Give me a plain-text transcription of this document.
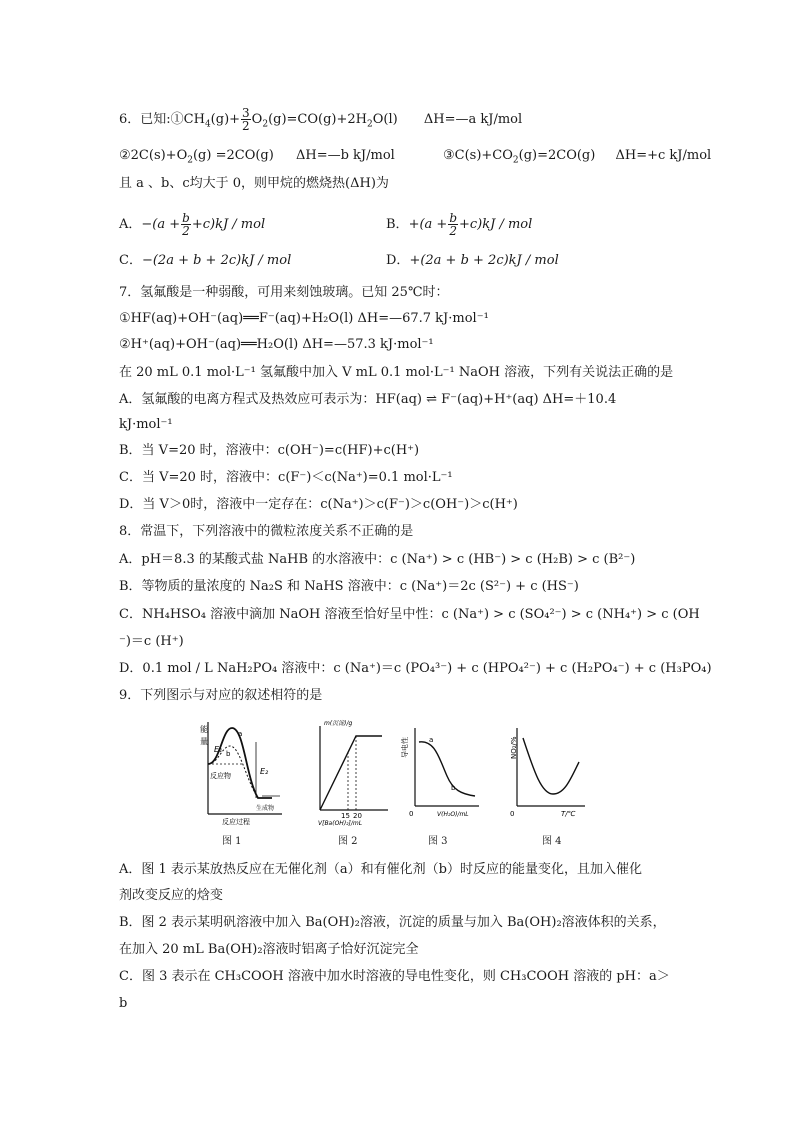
6．已知$:①CH_4(g)+ \frac{3}{2} O_2(g)=CO(g)+2H_2O(l)$ ΔH=—a kJ/mol
$②2C(s)+O_2(g) =2CO(g)$ ΔH=—b kJ/mol	$③C(s)+CO_2(g)=2CO(g)$ ΔH=+c kJ/mol
且 a 、b、c均大于 0，则甲烷的燃烧热(ΔH)为
A．$-(a + \frac{b}{2} +c)kJ$ / mol	B．$+(a + \frac{b}{2} +c)kJ$ / mol
C．−(2a + b + 2c)kJ / mol	D．+(2a + b + 2c)kJ / mol
7．氢氟酸是一种弱酸，可用来刻蚀玻璃。已知 25℃时：
①HF(aq)+OH⁻(aq)══F⁻(aq)+H₂O(l) ΔH=—67.7 kJ·mol⁻¹
②H⁺(aq)+OH⁻(aq)══H₂O(l) ΔH=—57.3 kJ·mol⁻¹
在 20 mL 0.1 mol·L⁻¹ 氢氟酸中加入 V mL 0.1 mol·L⁻¹ NaOH 溶液，下列有关说法正确的是
A．氢氟酸的电离方程式及热效应可表示为：HF(aq) ⇌ F⁻(aq)+H⁺(aq) ΔH=＋10.4
kJ·mol⁻¹
B．当 V=20 时，溶液中：c(OH⁻)=c(HF)+c(H⁺)
C．当 V=20 时，溶液中：c(F⁻)＜c(Na⁺)=0.1 mol·L⁻¹
D．当 V＞0时，溶液中一定存在：c(Na⁺)＞c(F⁻)＞c(OH⁻)＞c(H⁺)
8．常温下，下列溶液中的微粒浓度关系不正确的是
A．pH＝8.3 的某酸式盐 NaHB 的水溶液中：c (Na⁺) > c (HB⁻) > c (H₂B) > c (B²⁻)
B．等物质的量浓度的 Na₂S 和 NaHS 溶液中：c (Na⁺)＝2c (S²⁻) + c (HS⁻)
C．NH₄HSO₄ 溶液中滴加 NaOH 溶液至恰好呈中性：c (Na⁺) > c (SO₄²⁻) > c (NH₄⁺) > c (OH
⁻)＝c (H⁺)
D．0.1 mol / L NaH₂PO₄ 溶液中：c (Na⁺)＝c (PO₄³⁻) + c (HPO₄²⁻) + c (H₂PO₄⁻) + c (H₃PO₄)
9．下列图示与对应的叙述相符的是
能
量
E₁
E₂
a
b
反应物
生成物
反应过程
m(沉淀)/g
15 20
V[Ba(OH)₂]/mL
导电性	a
b
0	V(H₂O)/mL
NO₂/%
0	T/℃
图 1	图 2	图 3	图 4
A．图 1 表示某放热反应在无催化剂（a）和有催化剂（b）时反应的能量变化，且加入催化
剂改变反应的焓变
B．图 2 表示某明矾溶液中加入 Ba(OH)₂溶液，沉淀的质量与加入 Ba(OH)₂溶液体积的关系，
在加入 20 mL Ba(OH)₂溶液时铝离子恰好沉淀完全
C．图 3 表示在 CH₃COOH 溶液中加水时溶液的导电性变化，则 CH₃COOH 溶液的 pH：a＞
b
